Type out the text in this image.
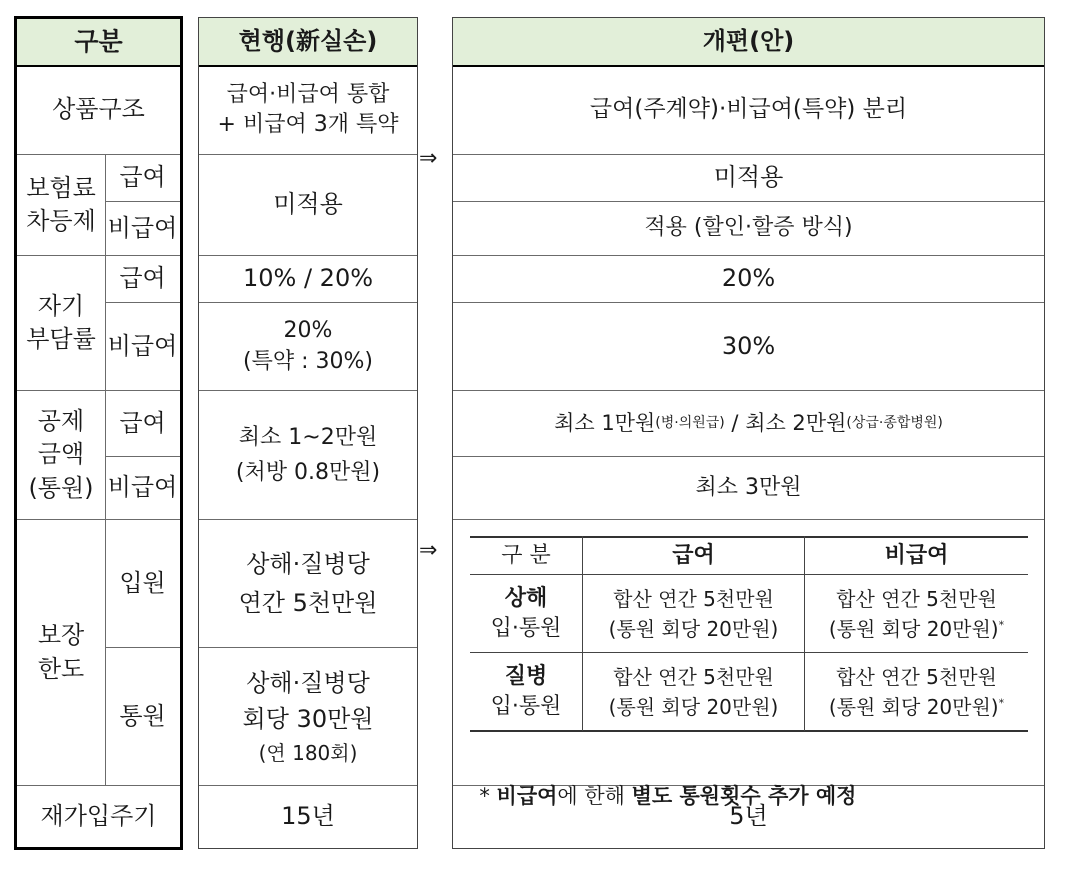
구분
상품구조
보험료
차등제
급여
비급여
자기
부담률
급여
비급여
공제
금액
(통원)
급여
비급여
보장
한도
입원
통원
재가입주기
현행(新실손)
급여·비급여 통합
+ 비급여 3개 특약
미적용
10% / 20%
20%
(특약 : 30%)
최소 1~2만원
(처방 0.8만원)
상해·질병당
연간 5천만원
상해·질병당
회당 30만원
(연 180회)
15년
⇒
⇒
개편(안)
급여(주계약)·비급여(특약) 분리
미적용
적용 (할인·할증 방식)
20%
30%
최소 1만원 (병·의원급) / 최소 2만원 (상급·종합병원)
최소 3만원
구 분	급여	비급여
상해
입·통원
합산 연간 5천만원
(통원 회당 20만원)
합산 연간 5천만원
(통원 회당 20만원)*
질병
입·통원
합산 연간 5천만원
(통원 회당 20만원)
합산 연간 5천만원
(통원 회당 20만원)*

* 비급여에 한해 별도 통원횟수 추가 예정

5년
